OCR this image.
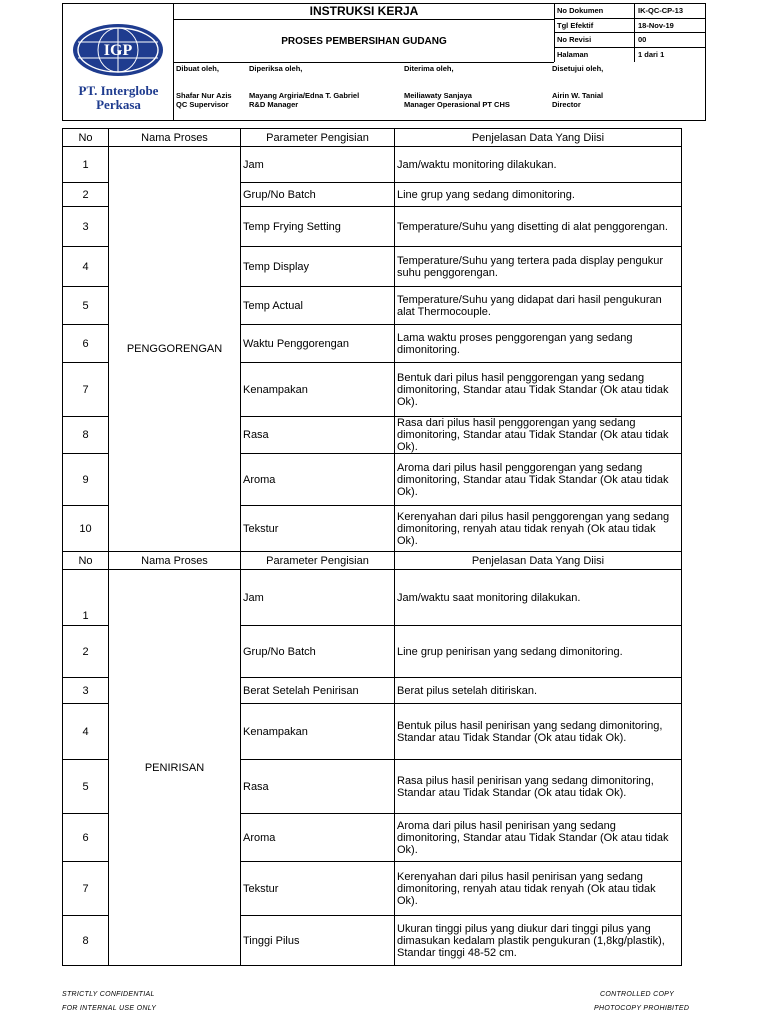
IGP
PT. Interglobe Perkasa
INSTRUKSI KERJA
PROSES PEMBERSIHAN GUDANG
No Dokumen	IK-QC-CP-13
Tgl Efektif	18-Nov-19
No Revisi	00
Halaman	1 dari 1
Dibuat oleh,
Shafar Nur Azis
QC Supervisor
Diperiksa oleh,
Mayang Argiria/Edna T. Gabriel
R&D Manager
Diterima oleh,
Meiliawaty Sanjaya
Manager Operasional PT CHS
Disetujui oleh,
Airin W. Tanial
Director
No	Nama Proses	Parameter Pengisian	Penjelasan Data Yang Diisi
1	PENGGORENGAN	Jam	Jam/waktu monitoring dilakukan.
2		Grup/No Batch	Line grup yang sedang dimonitoring.
3		Temp Frying Setting	Temperature/Suhu yang disetting di alat penggorengan.
4		Temp Display	Temperature/Suhu yang tertera pada display pengukur suhu penggorengan.
5		Temp Actual	Temperature/Suhu yang didapat dari hasil pengukuran alat Thermocouple.
6		Waktu Penggorengan	Lama waktu proses penggorengan yang sedang dimonitoring.
7		Kenampakan	Bentuk dari pilus hasil penggorengan yang sedang dimonitoring, Standar atau Tidak Standar (Ok atau tidak Ok).
8		Rasa	Rasa dari pilus hasil penggorengan yang sedang dimonitoring, Standar atau Tidak Standar (Ok atau tidak Ok).
9		Aroma	Aroma dari pilus hasil penggorengan yang sedang dimonitoring, Standar atau Tidak Standar (Ok atau tidak Ok).
10		Tekstur	Kerenyahan dari pilus hasil penggorengan yang sedang dimonitoring, renyah atau tidak renyah (Ok atau tidak Ok).
No	Nama Proses	Parameter Pengisian	Penjelasan Data Yang Diisi
1	PENIRISAN	Jam	Jam/waktu saat monitoring dilakukan.
2		Grup/No Batch	Line grup penirisan yang sedang dimonitoring.
3		Berat Setelah Penirisan	Berat pilus setelah ditiriskan.
4		Kenampakan	Bentuk pilus hasil penirisan yang sedang dimonitoring, Standar atau Tidak Standar (Ok atau tidak Ok).
5		Rasa	Rasa pilus hasil penirisan yang sedang dimonitoring, Standar atau Tidak Standar (Ok atau tidak Ok).
6		Aroma	Aroma dari pilus hasil penirisan yang sedang dimonitoring, Standar atau Tidak Standar (Ok atau tidak Ok).
7		Tekstur	Kerenyahan dari pilus hasil penirisan yang sedang dimonitoring, renyah atau tidak renyah (Ok atau tidak Ok).
8		Tinggi Pilus	Ukuran tinggi pilus yang diukur dari tinggi pilus yang dimasukan kedalam plastik pengukuran (1,8kg/plastik), Standar tinggi 48-52 cm.
STRICTLY CONFIDENTIAL
FOR INTERNAL USE ONLY
CONTROLLED COPY
PHOTOCOPY PROHIBITED
